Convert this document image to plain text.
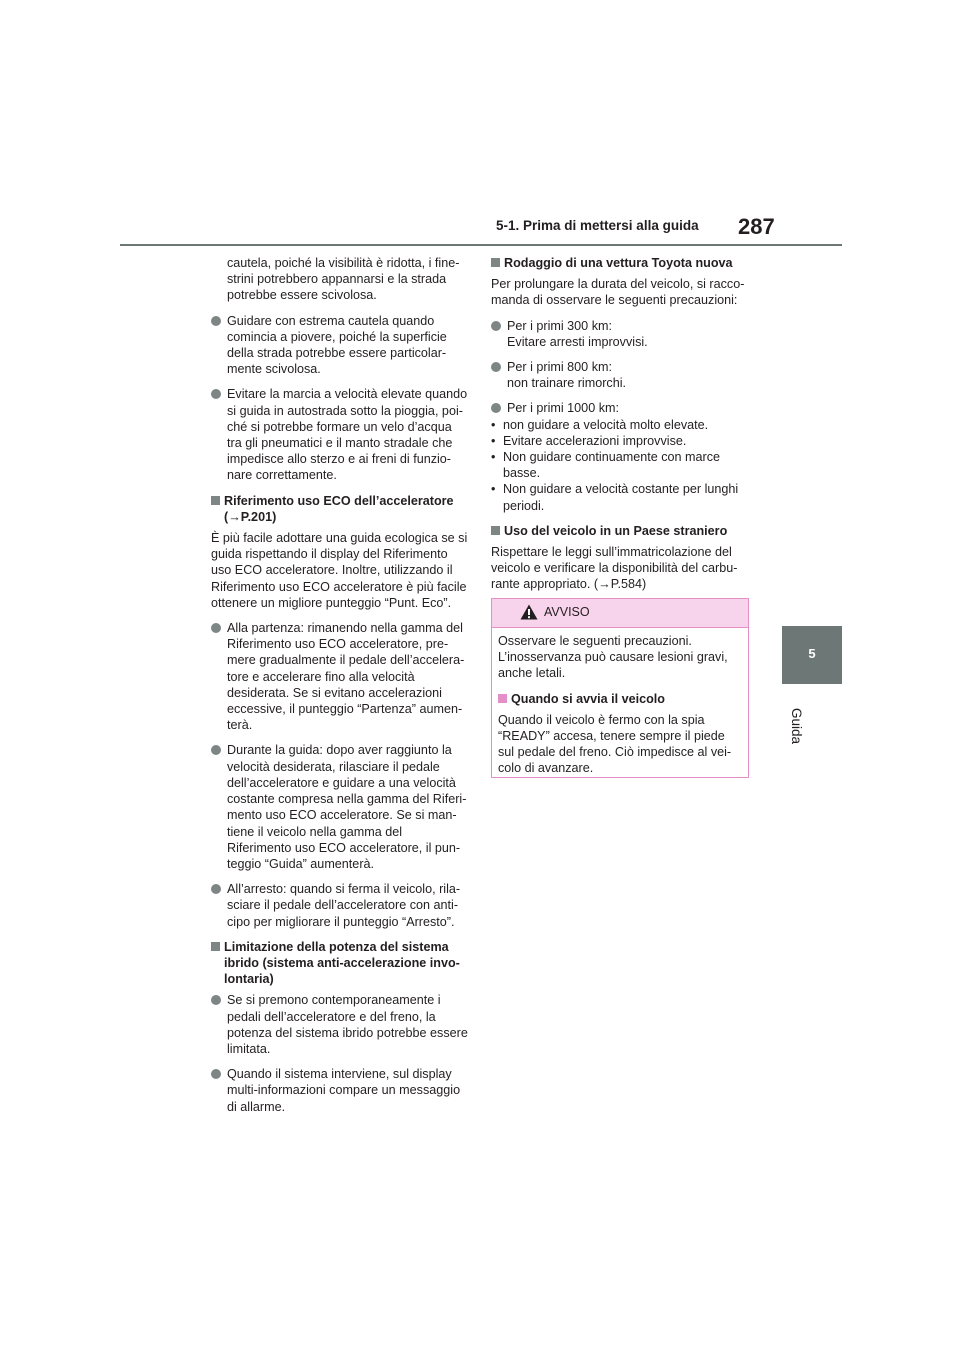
5-1. Prima di mettersi alla guida 287
5
Guida

cautela, poiché la visibilità è ridotta, i fine-strini potrebbero appannarsi e la strada potrebbe essere scivolosa.

Guidare con estrema cautela quando comincia a piovere, poiché la superficie della strada potrebbe essere particolar-mente scivolosa.
Evitare la marcia a velocità elevate quando si guida in autostrada sotto la pioggia, poi-ché si potrebbe formare un velo d’acqua tra gli pneumatici e il manto stradale che impedisce allo sterzo e ai freni di funzio-nare correttamente.
Riferimento uso ECO dell’acceleratore (→P.201)

È più facile adottare una guida ecologica se si guida rispettando il display del Riferimento uso ECO acceleratore. Inoltre, utilizzando il Riferimento uso ECO acceleratore è più facile ottenere un migliore punteggio “Punt. Eco”.

Alla partenza: rimanendo nella gamma del Riferimento uso ECO acceleratore, pre-mere gradualmente il pedale dell’accelera-tore e accelerare fino alla velocità desiderata. Se si evitano accelerazioni eccessive, il punteggio “Partenza” aumen-terà.
Durante la guida: dopo aver raggiunto la velocità desiderata, rilasciare il pedale dell’acceleratore e guidare a una velocità costante compresa nella gamma del Riferi-mento uso ECO acceleratore. Se si man-tiene il veicolo nella gamma del Riferimento uso ECO acceleratore, il pun-teggio “Guida” aumenterà.
All’arresto: quando si ferma il veicolo, rila-sciare il pedale dell’acceleratore con anti-cipo per migliorare il punteggio “Arresto”.
Limitazione della potenza del sistema ibrido (sistema anti-accelerazione invo-lontaria)
Se si premono contemporaneamente i pedali dell’acceleratore e del freno, la potenza del sistema ibrido potrebbe essere limitata.
Quando il sistema interviene, sul display multi-informazioni compare un messaggio di allarme.
Rodaggio di una vettura Toyota nuova

Per prolungare la durata del veicolo, si racco-manda di osservare le seguenti precauzioni:

Per i primi 300 km:
Evitare arresti improvvisi.
Per i primi 800 km:
non trainare rimorchi.
Per i primi 1000 km:
• non guidare a velocità molto elevate.
• Evitare accelerazioni improvvise.
• Non guidare continuamente con marce basse.
• Non guidare a velocità costante per lunghi periodi.
Uso del veicolo in un Paese straniero

Rispettare le leggi sull’immatricolazione del veicolo e verificare la disponibilità del carbu-rante appropriato. (→P.584)

AVVISO

Osservare le seguenti precauzioni. L’inosservanza può causare lesioni gravi, anche letali.

Quando si avvia il veicolo

Quando il veicolo è fermo con la spia “READY” accesa, tenere sempre il piede sul pedale del freno. Ciò impedisce al vei-colo di avanzare.
